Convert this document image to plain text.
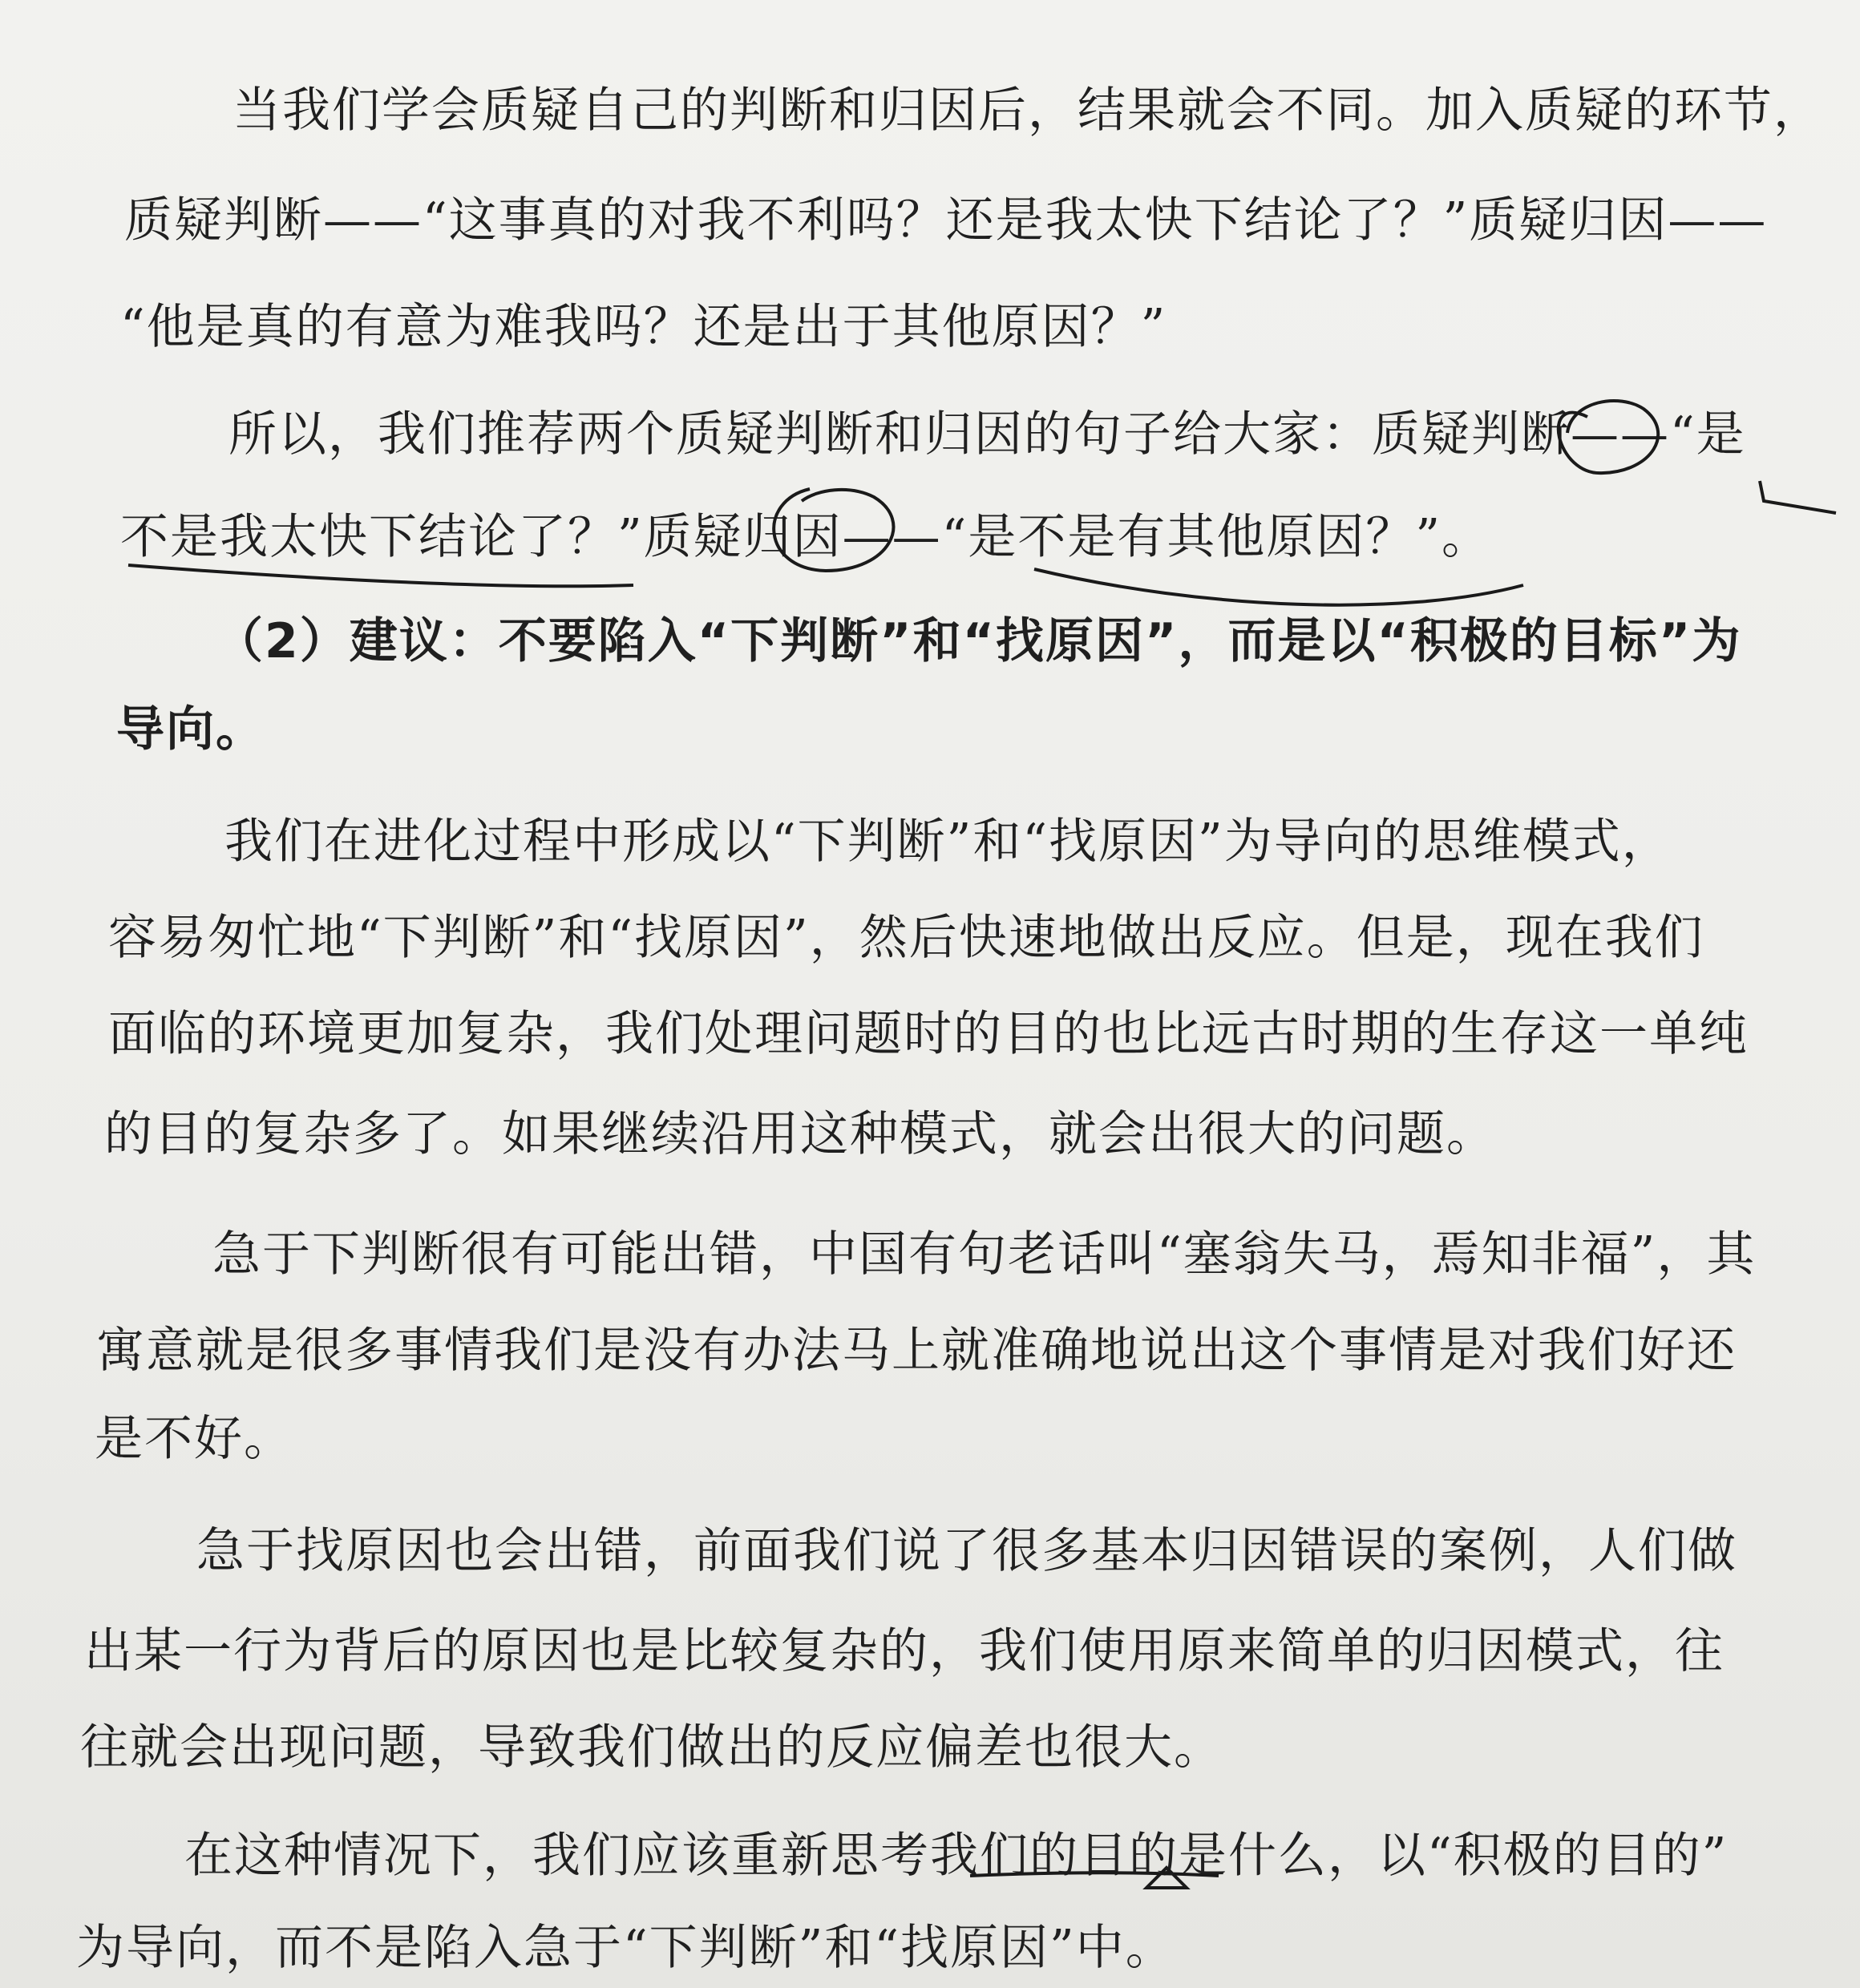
当我们学会质疑自己的判断和归因后，结果就会不同。加入质疑的环节，
质疑判断——“这事真的对我不利吗？还是我太快下结论了？”质疑归因——
“他是真的有意为难我吗？还是出于其他原因？”
所以，我们推荐两个质疑判断和归因的句子给大家：质疑判断——“是
不是我太快下结论了？”质疑归因——“是不是有其他原因？”。
（2）建议：不要陷入“下判断”和“找原因”，而是以“积极的目标”为
导向。
我们在进化过程中形成以“下判断”和“找原因”为导向的思维模式，
容易匆忙地“下判断”和“找原因”，然后快速地做出反应。但是，现在我们
面临的环境更加复杂，我们处理问题时的目的也比远古时期的生存这一单纯
的目的复杂多了。如果继续沿用这种模式，就会出很大的问题。
急于下判断很有可能出错，中国有句老话叫“塞翁失马，焉知非福”，其
寓意就是很多事情我们是没有办法马上就准确地说出这个事情是对我们好还
是不好。
急于找原因也会出错，前面我们说了很多基本归因错误的案例，人们做
出某一行为背后的原因也是比较复杂的，我们使用原来简单的归因模式，往
往就会出现问题，导致我们做出的反应偏差也很大。
在这种情况下，我们应该重新思考我们的目的是什么，以“积极的目的”
为导向，而不是陷入急于“下判断”和“找原因”中。
